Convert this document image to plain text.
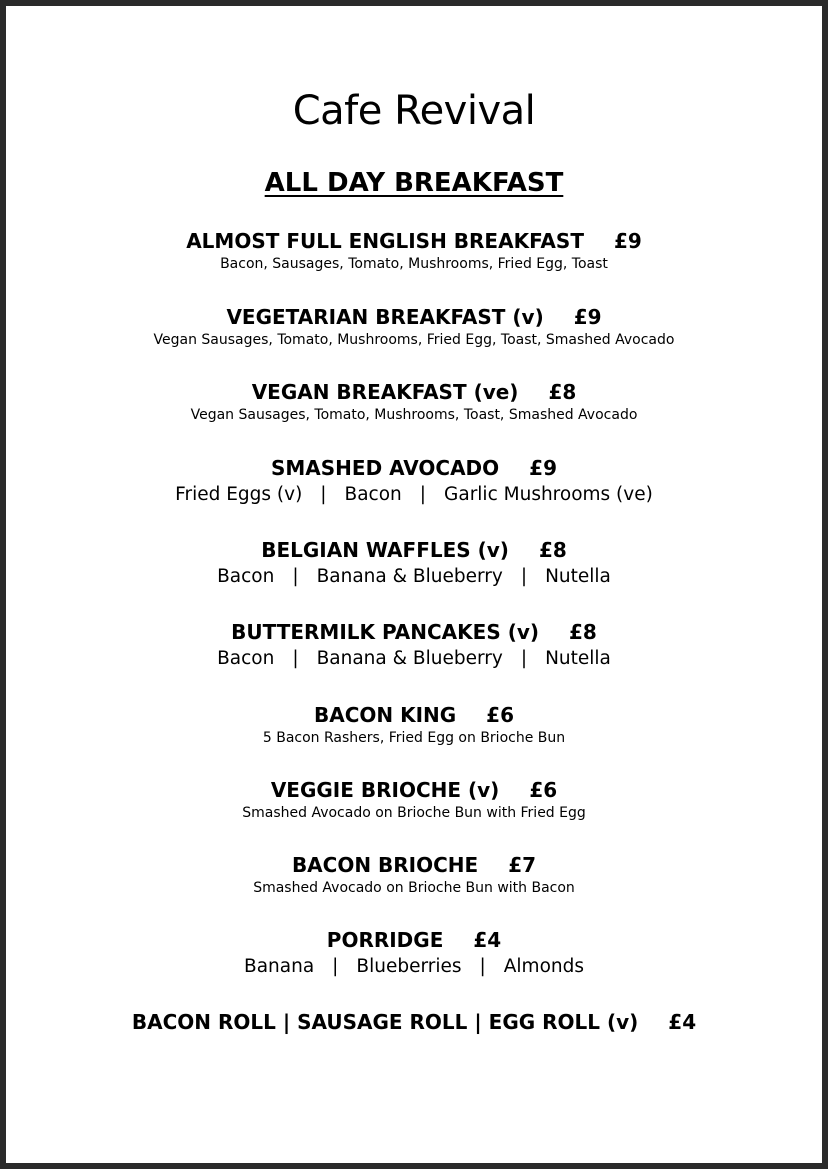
Cafe Revival
ALL DAY BREAKFAST
ALMOST FULL ENGLISH BREAKFAST £9
Bacon, Sausages, Tomato, Mushrooms, Fried Egg, Toast
VEGETARIAN BREAKFAST (v) £9
Vegan Sausages, Tomato, Mushrooms, Fried Egg, Toast, Smashed Avocado
VEGAN BREAKFAST (ve) £8
Vegan Sausages, Tomato, Mushrooms, Toast, Smashed Avocado
SMASHED AVOCADO £9
Fried Eggs (v) | Bacon | Garlic Mushrooms (ve)
BELGIAN WAFFLES (v) £8
Bacon | Banana & Blueberry | Nutella
BUTTERMILK PANCAKES (v) £8
Bacon | Banana & Blueberry | Nutella
BACON KING £6
5 Bacon Rashers, Fried Egg on Brioche Bun
VEGGIE BRIOCHE (v) £6
Smashed Avocado on Brioche Bun with Fried Egg
BACON BRIOCHE £7
Smashed Avocado on Brioche Bun with Bacon
PORRIDGE £4
Banana | Blueberries | Almonds
BACON ROLL | SAUSAGE ROLL | EGG ROLL (v) £4
